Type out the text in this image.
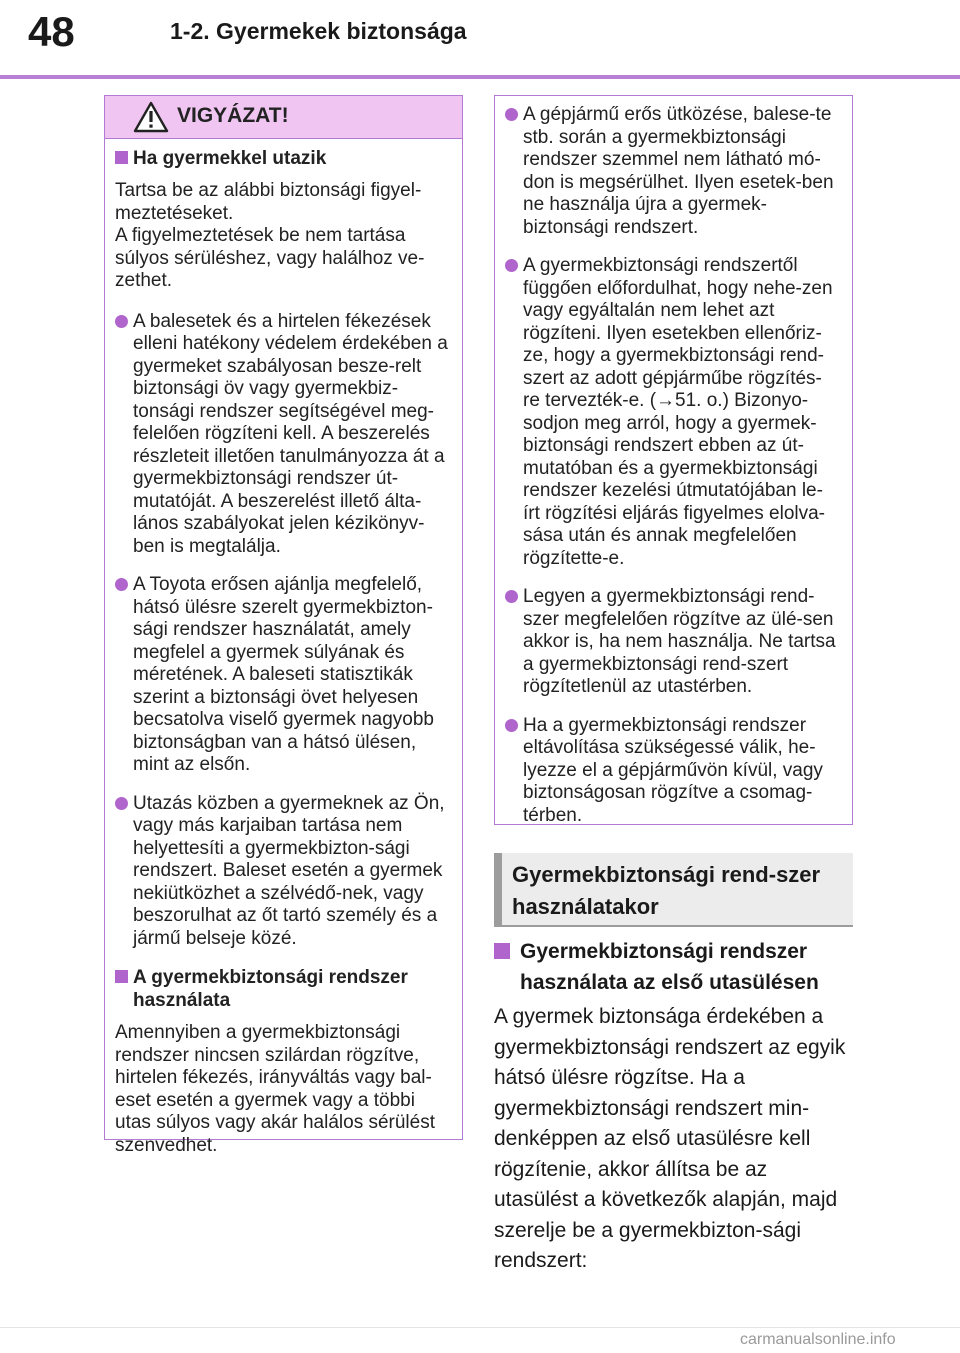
48	1-2. Gyermekek biztonsága
VIGYÁZAT!
Ha gyermekkel utazik
Tartsa be az alábbi biztonsági figyel-meztetéseket.
A figyelmeztetések be nem tartása súlyos sérüléshez, vagy halálhoz ve-zethet.
A balesetek és a hirtelen fékezések elleni hatékony védelem érdekében a gyermeket szabályosan besze-relt biztonsági öv vagy gyermekbiz-tonsági rendszer segítségével meg-felelően rögzíteni kell. A beszerelés részleteit illetően tanulmányozza át a gyermekbiztonsági rendszer út-mutatóját. A beszerelést illető álta-lános szabályokat jelen kézikönyv-ben is megtalálja.
A Toyota erősen ajánlja megfelelő, hátsó ülésre szerelt gyermekbizton-sági rendszer használatát, amely megfelel a gyermek súlyának és méretének. A baleseti statisztikák szerint a biztonsági övet helyesen becsatolva viselő gyermek nagyobb biztonságban van a hátsó ülésen, mint az elsőn.
Utazás közben a gyermeknek az Ön, vagy más karjaiban tartása nem helyettesíti a gyermekbizton-sági rendszert. Baleset esetén a gyermek nekiütközhet a szélvédő-nek, vagy beszorulhat az őt tartó személy és a jármű belseje közé.
A gyermekbiztonsági rendszer használata
Amennyiben a gyermekbiztonsági rendszer nincsen szilárdan rögzítve, hirtelen fékezés, irányváltás vagy bal-eset esetén a gyermek vagy a többi utas súlyos vagy akár halálos sérülést szenvedhet.
A gépjármű erős ütközése, balese-te stb. során a gyermekbiztonsági rendszer szemmel nem látható mó-don is megsérülhet. Ilyen esetek-ben ne használja újra a gyermek-biztonsági rendszert.
A gyermekbiztonsági rendszertől függően előfordulhat, hogy nehe-zen vagy egyáltalán nem lehet azt rögzíteni. Ilyen esetekben ellenőriz-ze, hogy a gyermekbiztonsági rend-szert az adott gépjárműbe rögzítés-re tervezték-e. (→51. o.) Bizonyo-sodjon meg arról, hogy a gyermek-biztonsági rendszert ebben az út-mutatóban és a gyermekbiztonsági rendszer kezelési útmutatójában le-írt rögzítési eljárás figyelmes elolva-sása után és annak megfelelően rögzítette-e.
Legyen a gyermekbiztonsági rend-szer megfelelően rögzítve az ülé-sen akkor is, ha nem használja. Ne tartsa a gyermekbiztonsági rend-szert rögzítetlenül az utastérben.
Ha a gyermekbiztonsági rendszer eltávolítása szükségessé válik, he-lyezze el a gépjárművön kívül, vagy biztonságosan rögzítve a csomag-térben.
Gyermekbiztonsági rend-szer használatakor
Gyermekbiztonsági rendszer használata az első utasülésen
A gyermek biztonsága érdekében a gyermekbiztonsági rendszert az egyik hátsó ülésre rögzítse. Ha a gyermekbiztonsági rendszert min-denképpen az első utasülésre kell rögzítenie, akkor állítsa be az utasülést a következők alapján, majd szerelje be a gyermekbizton-sági rendszert:
carmanualsonline.info
